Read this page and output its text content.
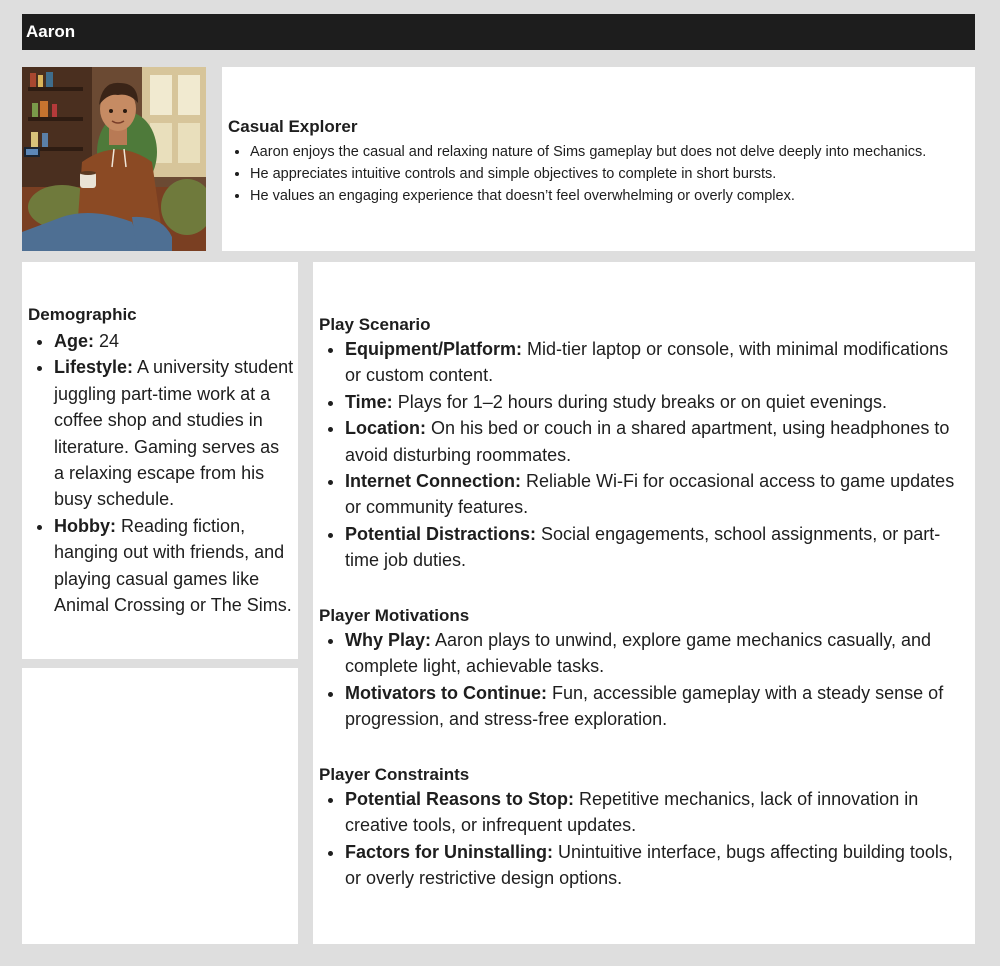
Aaron
Casual Explorer
• Aaron enjoys the casual and relaxing nature of Sims gameplay but does not delve deeply into mechanics.
• He appreciates intuitive controls and simple objectives to complete in short bursts.
• He values an engaging experience that doesn’t feel overwhelming or overly complex.
Demographic
• Age: 24
• Lifestyle: A university student juggling part-time work at a coffee shop and studies in literature. Gaming serves as a relaxing escape from his busy schedule.
• Hobby: Reading fiction, hanging out with friends, and playing casual games like Animal Crossing or The Sims.
Play Scenario
• Equipment/Platform: Mid-tier laptop or console, with minimal modifications or custom content.
• Time: Plays for 1–2 hours during study breaks or on quiet evenings.
• Location: On his bed or couch in a shared apartment, using headphones to avoid disturbing roommates.
• Internet Connection: Reliable Wi-Fi for occasional access to game updates or community features.
• Potential Distractions: Social engagements, school assignments, or part-time job duties.
Player Motivations
• Why Play: Aaron plays to unwind, explore game mechanics casually, and complete light, achievable tasks.
• Motivators to Continue: Fun, accessible gameplay with a steady sense of progression, and stress-free exploration.
Player Constraints
• Potential Reasons to Stop: Repetitive mechanics, lack of innovation in creative tools, or infrequent updates.
• Factors for Uninstalling: Unintuitive interface, bugs affecting building tools, or overly restrictive design options.
